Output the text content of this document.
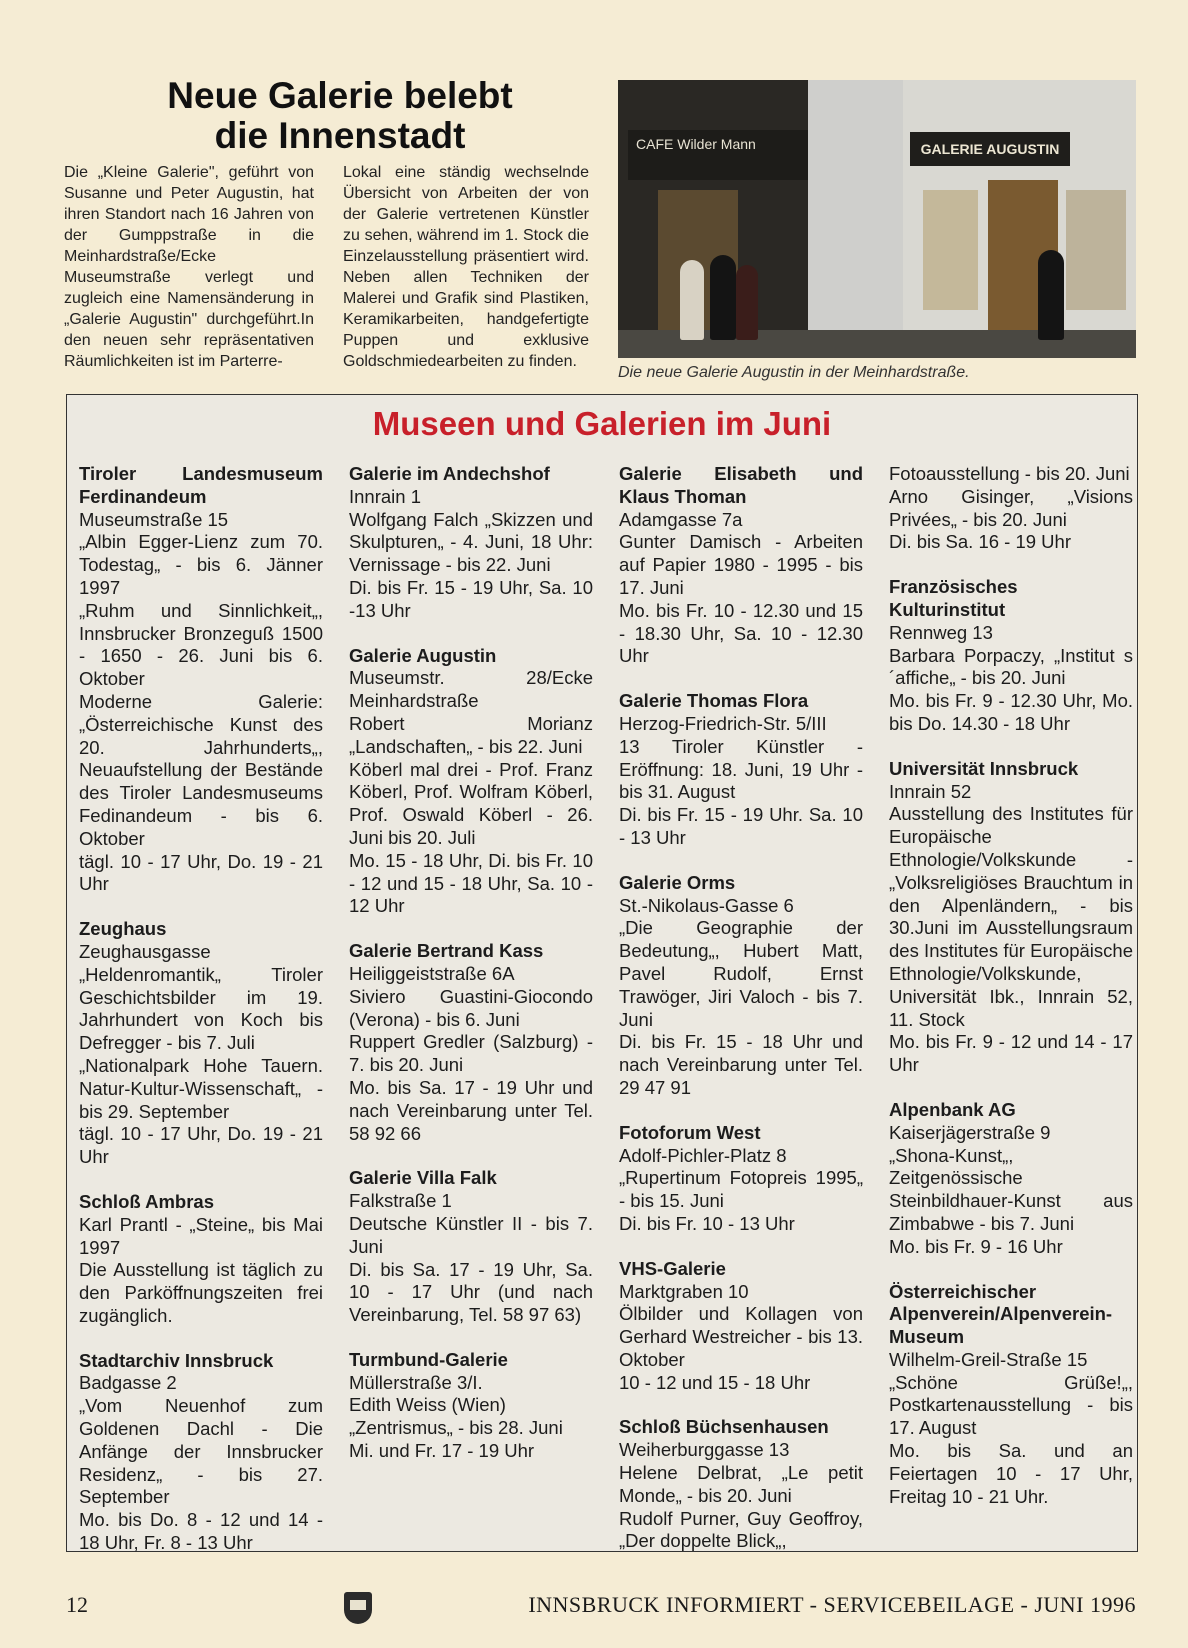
Neue Galerie belebt
die Innenstadt
Die „Kleine Galerie", geführt von Susanne und Peter Augustin, hat ihren Standort nach 16 Jahren von der Gumppstraße in die Meinhardstraße/Ecke Museumstraße verlegt und zugleich eine Namensänderung in „Galerie Augustin" durchgeführt.In den neuen sehr repräsentativen Räumlichkeiten ist im Parterre-
Lokal eine ständig wechselnde Übersicht von Arbeiten der von der Galerie vertretenen Künstler zu sehen, während im 1. Stock die Einzelausstellung präsentiert wird. Neben allen Techniken der Malerei und Grafik sind Plastiken, Keramikarbeiten, handgefertigte Puppen und exklusive Goldschmiedearbeiten zu finden.
CAFE Wilder Mann	GALERIE AUGUSTIN
Die neue Galerie Augustin in der Meinhardstraße.
Museen und Galerien im Juni
Tiroler Landesmuseum Ferdinandeum
Museumstraße 15
„Albin Egger-Lienz zum 70. Todestag„ - bis 6. Jänner 1997
„Ruhm und Sinnlichkeit„, Innsbrucker Bronzeguß 1500 - 1650 - 26. Juni bis 6. Oktober
Moderne Galerie: „Österreichische Kunst des 20. Jahrhunderts„, Neuaufstellung der Bestände des Tiroler Landesmuseums Fedinandeum - bis 6. Oktober
tägl. 10 - 17 Uhr, Do. 19 - 21 Uhr
Zeughaus
Zeughausgasse
„Heldenromantik„ Tiroler Geschichtsbilder im 19. Jahrhundert von Koch bis Defregger - bis 7. Juli
„Nationalpark Hohe Tauern. Natur-Kultur-Wissenschaft„ - bis 29. September
tägl. 10 - 17 Uhr, Do. 19 - 21 Uhr
Schloß Ambras
Karl Prantl - „Steine„ bis Mai 1997
Die Ausstellung ist täglich zu den Parköffnungszeiten frei zugänglich.
Stadtarchiv Innsbruck
Badgasse 2
„Vom Neuenhof zum Goldenen Dachl - Die Anfänge der Innsbrucker Residenz„ - bis 27. September
Mo. bis Do. 8 - 12 und 14 - 18 Uhr, Fr. 8 - 13 Uhr
Galerie im Andechshof
Innrain 1
Wolfgang Falch „Skizzen und Skulpturen„ - 4. Juni, 18 Uhr: Vernissage - bis 22. Juni
Di. bis Fr. 15 - 19 Uhr, Sa. 10 -13 Uhr
Galerie Augustin
Museumstr. 28/Ecke Meinhardstraße
Robert Morianz „Landschaften„ - bis 22. Juni
Köberl mal drei - Prof. Franz Köberl, Prof. Wolfram Köberl, Prof. Oswald Köberl - 26. Juni bis 20. Juli
Mo. 15 - 18 Uhr, Di. bis Fr. 10 - 12 und 15 - 18 Uhr, Sa. 10 - 12 Uhr
Galerie Bertrand Kass
Heiliggeiststraße 6A
Siviero Guastini-Giocondo (Verona) - bis 6. Juni
Ruppert Gredler (Salzburg) - 7. bis 20. Juni
Mo. bis Sa. 17 - 19 Uhr und nach Vereinbarung unter Tel. 58 92 66
Galerie Villa Falk
Falkstraße 1
Deutsche Künstler II - bis 7. Juni
Di. bis Sa. 17 - 19 Uhr, Sa. 10 - 17 Uhr (und nach Vereinbarung, Tel. 58 97 63)
Turmbund-Galerie
Müllerstraße 3/I.
Edith Weiss (Wien)
„Zentrismus„ - bis 28. Juni
Mi. und Fr. 17 - 19 Uhr
Galerie Elisabeth und Klaus Thoman
Adamgasse 7a
Gunter Damisch - Arbeiten auf Papier 1980 - 1995 - bis 17. Juni
Mo. bis Fr. 10 - 12.30 und 15 - 18.30 Uhr, Sa. 10 - 12.30 Uhr
Galerie Thomas Flora
Herzog-Friedrich-Str. 5/III
13 Tiroler Künstler - Eröffnung: 18. Juni, 19 Uhr - bis 31. August
Di. bis Fr. 15 - 19 Uhr. Sa. 10 - 13 Uhr
Galerie Orms
St.-Nikolaus-Gasse 6
„Die Geographie der Bedeutung„, Hubert Matt, Pavel Rudolf, Ernst Trawöger, Jiri Valoch - bis 7. Juni
Di. bis Fr. 15 - 18 Uhr und nach Vereinbarung unter Tel. 29 47 91
Fotoforum West
Adolf-Pichler-Platz 8
„Rupertinum Fotopreis 1995„ - bis 15. Juni
Di. bis Fr. 10 - 13 Uhr
VHS-Galerie
Marktgraben 10
Ölbilder und Kollagen von Gerhard Westreicher - bis 13. Oktober
10 - 12 und 15 - 18 Uhr
Schloß Büchsenhausen
Weiherburggasse 13
Helene Delbrat, „Le petit Monde„ - bis 20. Juni
Rudolf Purner, Guy Geoffroy, „Der doppelte Blick„,
Fotoausstellung - bis 20. Juni
Arno Gisinger, „Visions Privées„ - bis 20. Juni
Di. bis Sa. 16 - 19 Uhr
Französisches Kulturinstitut
Rennweg 13
Barbara Porpaczy, „Institut s´affiche„ - bis 20. Juni
Mo. bis Fr. 9 - 12.30 Uhr, Mo. bis Do. 14.30 - 18 Uhr
Universität Innsbruck
Innrain 52
Ausstellung des Institutes für Europäische Ethnologie/Volkskunde - „Volksreligiöses Brauchtum in den Alpenländern„ - bis 30.Juni im Ausstellungsraum des Institutes für Europäische Ethnologie/Volkskunde, Universität Ibk., Innrain 52, 11. Stock
Mo. bis Fr. 9 - 12 und 14 - 17 Uhr
Alpenbank AG
Kaiserjägerstraße 9
„Shona-Kunst„, Zeitgenössische Steinbildhauer-Kunst aus Zimbabwe - bis 7. Juni
Mo. bis Fr. 9 - 16 Uhr
Österreichischer Alpenverein/Alpenverein-Museum
Wilhelm-Greil-Straße 15
„Schöne Grüße!„, Postkartenausstellung - bis 17. August
Mo. bis Sa. und an Feiertagen 10 - 17 Uhr, Freitag 10 - 21 Uhr.
12	INNSBRUCK INFORMIERT - SERVICEBEILAGE - JUNI 1996
